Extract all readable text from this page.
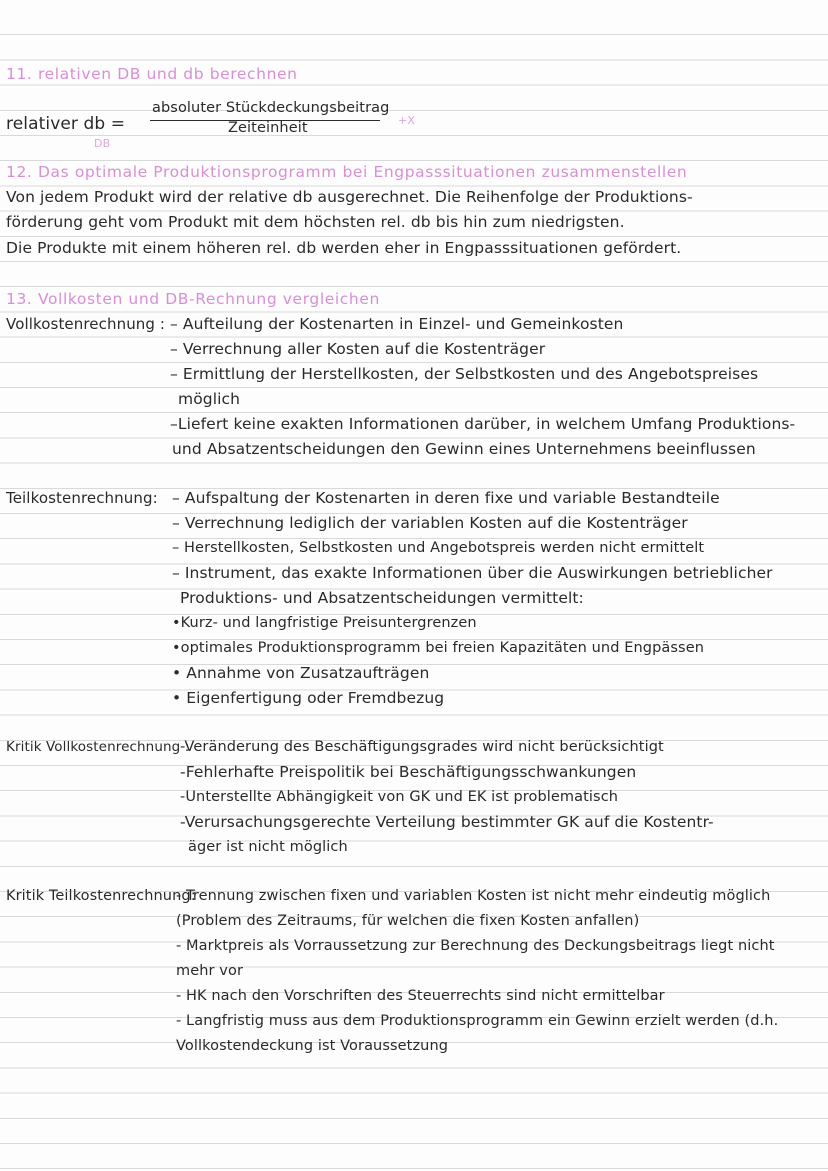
11. relativen DB und db berechnen
relativer db =
DB
absoluter Stückdeckungsbeitrag
Zeiteinheit	+X
12. Das optimale Produktionsprogramm bei Engpasssituationen zusammenstellen
Von jedem Produkt wird der relative db ausgerechnet. Die Reihenfolge der Produktions-
förderung geht vom Produkt mit dem höchsten rel. db bis hin zum niedrigsten.
Die Produkte mit einem höheren rel. db werden eher in Engpasssituationen gefördert.
13. Vollkosten und DB-Rechnung vergleichen
Vollkostenrechnung : – Aufteilung der Kostenarten in Einzel- und Gemeinkosten
– Verrechnung aller Kosten auf die Kostenträger
– Ermittlung der Herstellkosten, der Selbstkosten und des Angebotspreises
möglich
–Liefert keine exakten Informationen darüber, in welchem Umfang Produktions-
und Absatzentscheidungen den Gewinn eines Unternehmens beeinflussen
Teilkostenrechnung: – Aufspaltung der Kostenarten in deren fixe und variable Bestandteile
– Verrechnung lediglich der variablen Kosten auf die Kostenträger
– Herstellkosten, Selbstkosten und Angebotspreis werden nicht ermittelt
– Instrument, das exakte Informationen über die Auswirkungen betrieblicher
Produktions- und Absatzentscheidungen vermittelt:
•Kurz- und langfristige Preisuntergrenzen
•optimales Produktionsprogramm bei freien Kapazitäten und Engpässen
• Annahme von Zusatzaufträgen
• Eigenfertigung oder Fremdbezug
Kritik Vollkostenrechnung :
-Veränderung des Beschäftigungsgrades wird nicht berücksichtigt
-Fehlerhafte Preispolitik bei Beschäftigungsschwankungen
-Unterstellte Abhängigkeit von GK und EK ist problematisch
-Verursachungsgerechte Verteilung bestimmter GK auf die Kostentr-
äger ist nicht möglich
Kritik Teilkostenrechnung:
- Trennung zwischen fixen und variablen Kosten ist nicht mehr eindeutig möglich
(Problem des Zeitraums, für welchen die fixen Kosten anfallen)
- Marktpreis als Vorraussetzung zur Berechnung des Deckungsbeitrags liegt nicht
mehr vor
- HK nach den Vorschriften des Steuerrechts sind nicht ermittelbar
- Langfristig muss aus dem Produktionsprogramm ein Gewinn erzielt werden (d.h.
Vollkostendeckung ist Voraussetzung
